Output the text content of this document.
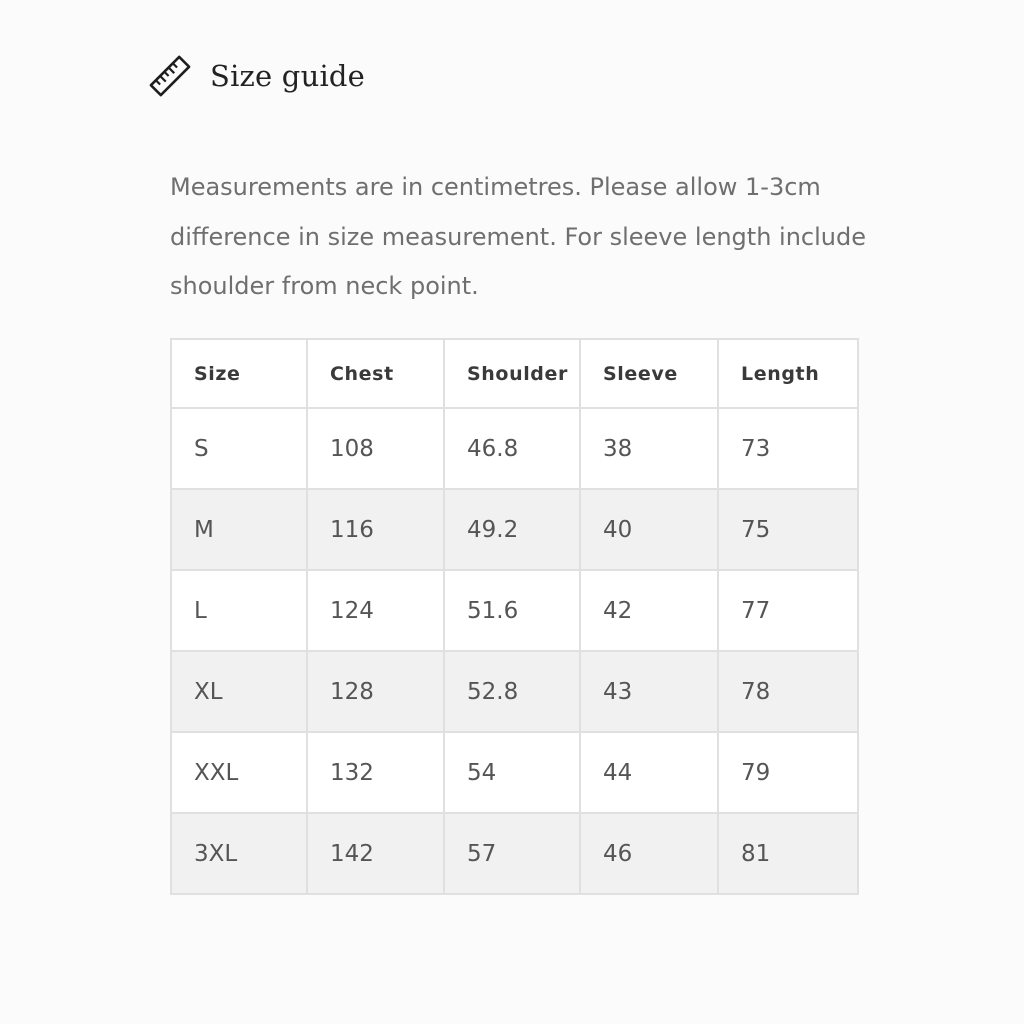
Size guide

Measurements are in centimetres. Please allow 1-3cm difference in size measurement. For sleeve length include shoulder from neck point.

Size	Chest	Shoulder	Sleeve	Length
S	108	46.8	38	73
M	116	49.2	40	75
L	124	51.6	42	77
XL	128	52.8	43	78
XXL	132	54	44	79
3XL	142	57	46	81
